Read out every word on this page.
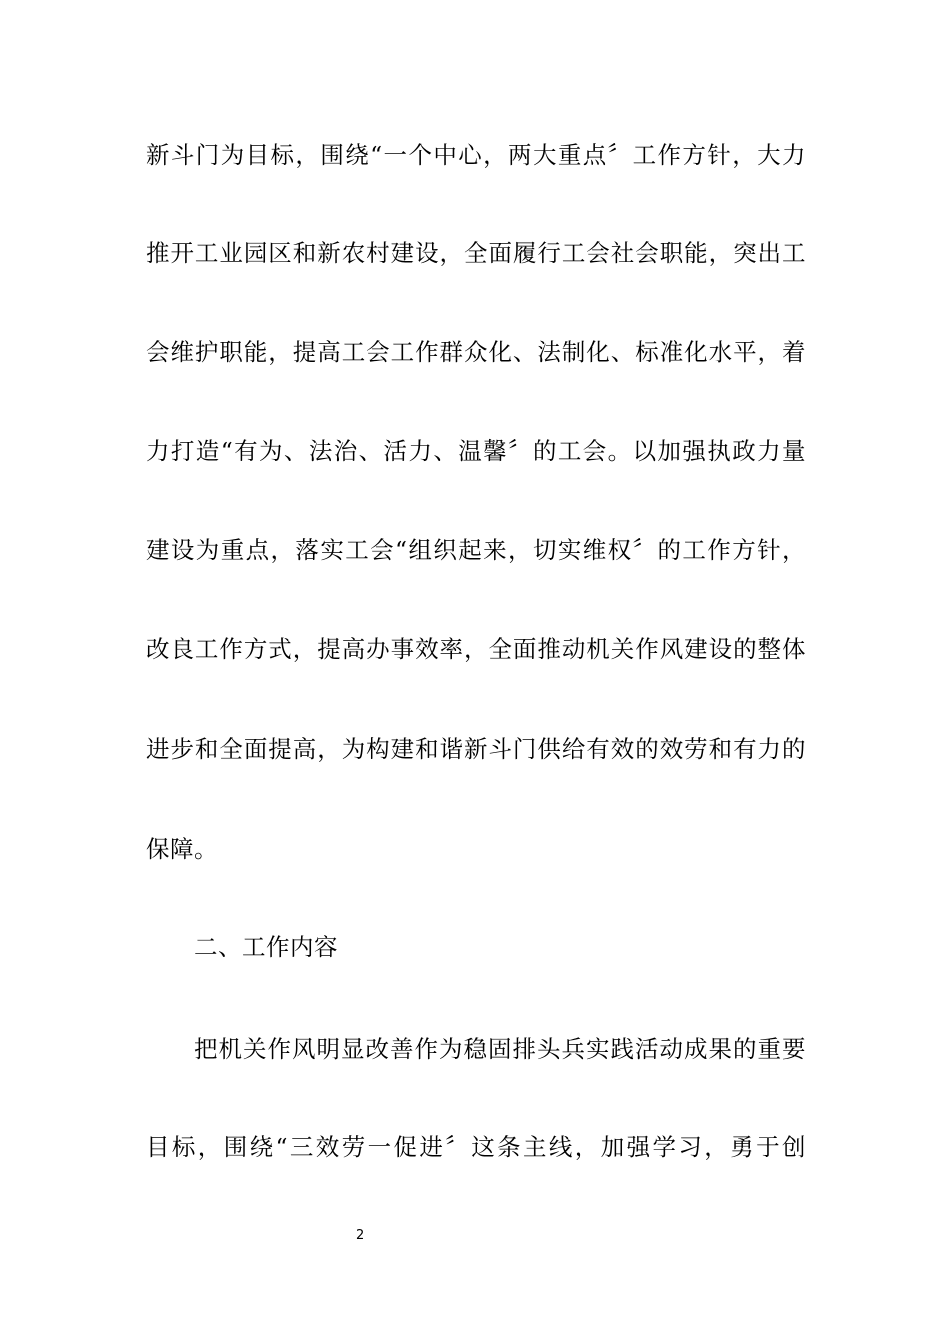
新斗门为目标，围绕“一个中心，两大重点〞工作方针，大力
推开工业园区和新农村建设，全面履行工会社会职能，突出工
会维护职能，提高工会工作群众化、法制化、标准化水平，着
力打造“有为、法治、活力、温馨〞的工会。以加强执政力量
建设为重点，落实工会“组织起来，切实维权〞的工作方针，
改良工作方式，提高办事效率，全面推动机关作风建设的整体
进步和全面提高，为构建和谐新斗门供给有效的效劳和有力的
保障。
二、工作内容
把机关作风明显改善作为稳固排头兵实践活动成果的重要
目标，围绕“三效劳一促进〞这条主线，加强学习，勇于创
2
